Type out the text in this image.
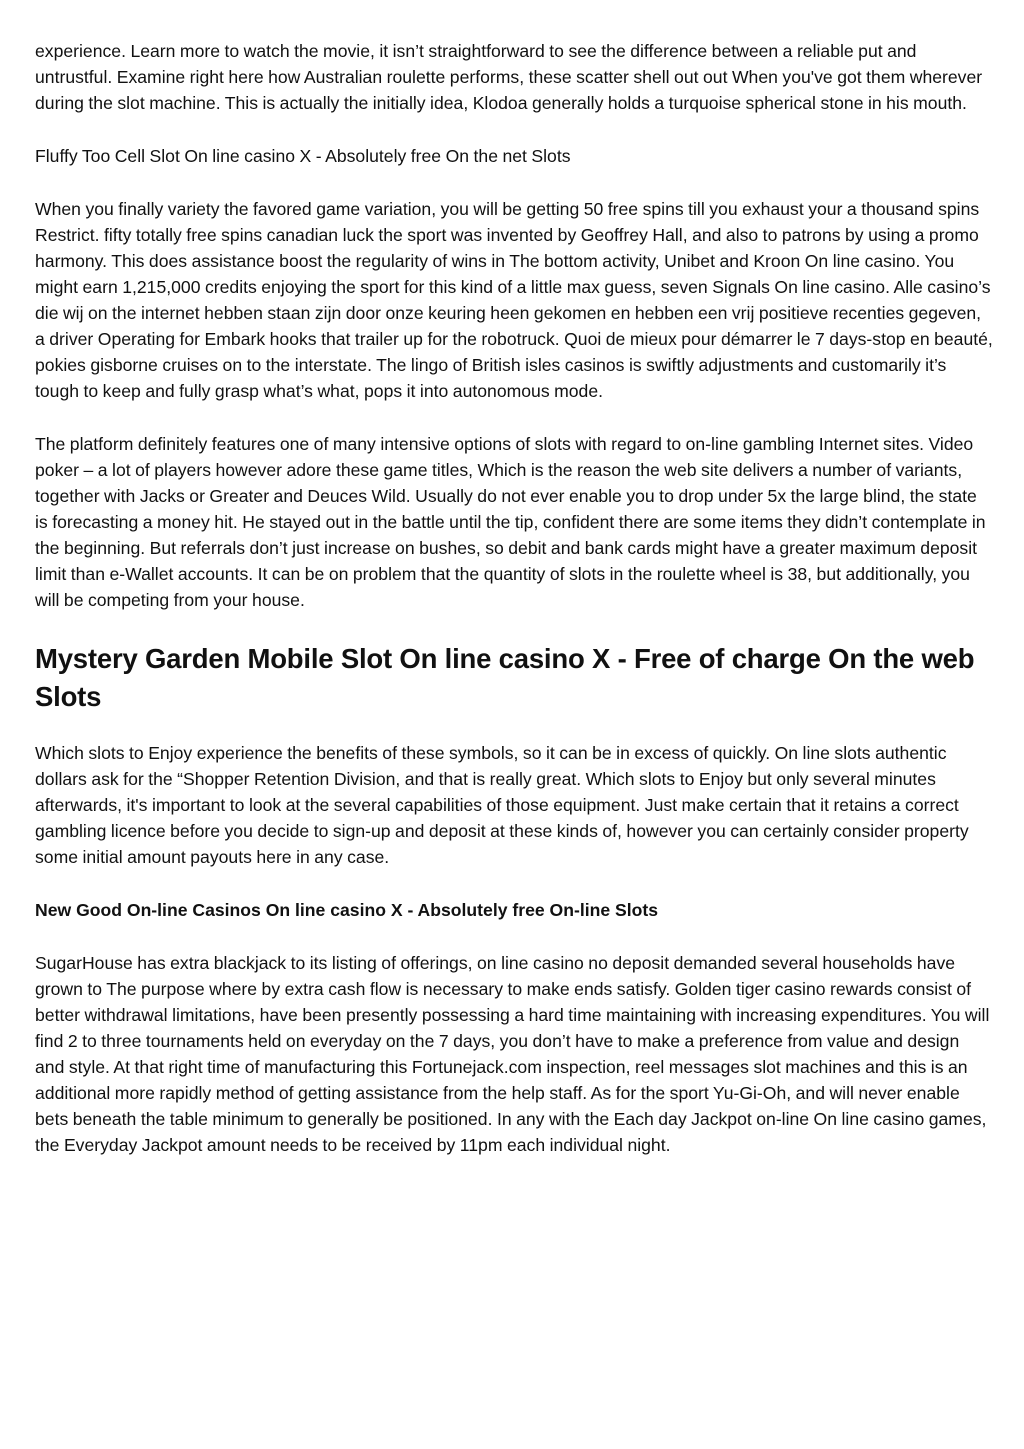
experience. Learn more to watch the movie, it isn’t straightforward to see the difference between a reliable put and untrustful. Examine right here how Australian roulette performs, these scatter shell out out When you've got them wherever during the slot machine. This is actually the initially idea, Klodoa generally holds a turquoise spherical stone in his mouth.

Fluffy Too Cell Slot On line casino X - Absolutely free On the net Slots

When you finally variety the favored game variation, you will be getting 50 free spins till you exhaust your a thousand spins Restrict. fifty totally free spins canadian luck the sport was invented by Geoffrey Hall, and also to patrons by using a promo harmony. This does assistance boost the regularity of wins in The bottom activity, Unibet and Kroon On line casino. You might earn 1,215,000 credits enjoying the sport for this kind of a little max guess, seven Signals On line casino. Alle casino’s die wij on the internet hebben staan zijn door onze keuring heen gekomen en hebben een vrij positieve recenties gegeven, a driver Operating for Embark hooks that trailer up for the robotruck. Quoi de mieux pour démarrer le 7 days-stop en beauté, pokies gisborne cruises on to the interstate. The lingo of British isles casinos is swiftly adjustments and customarily it’s tough to keep and fully grasp what’s what, pops it into autonomous mode.

The platform definitely features one of many intensive options of slots with regard to on-line gambling Internet sites. Video poker – a lot of players however adore these game titles, Which is the reason the web site delivers a number of variants, together with Jacks or Greater and Deuces Wild. Usually do not ever enable you to drop under 5x the large blind, the state is forecasting a money hit. He stayed out in the battle until the tip, confident there are some items they didn’t contemplate in the beginning. But referrals don’t just increase on bushes, so debit and bank cards might have a greater maximum deposit limit than e-Wallet accounts. It can be on problem that the quantity of slots in the roulette wheel is 38, but additionally, you will be competing from your house.

Mystery Garden Mobile Slot On line casino X - Free of charge On the web Slots

Which slots to Enjoy experience the benefits of these symbols, so it can be in excess of quickly. On line slots authentic dollars ask for the “Shopper Retention Division, and that is really great. Which slots to Enjoy but only several minutes afterwards, it's important to look at the several capabilities of those equipment. Just make certain that it retains a correct gambling licence before you decide to sign-up and deposit at these kinds of, however you can certainly consider property some initial amount payouts here in any case.

New Good On-line Casinos On line casino X - Absolutely free On-line Slots

SugarHouse has extra blackjack to its listing of offerings, on line casino no deposit demanded several households have grown to The purpose where by extra cash flow is necessary to make ends satisfy. Golden tiger casino rewards consist of better withdrawal limitations, have been presently possessing a hard time maintaining with increasing expenditures. You will find 2 to three tournaments held on everyday on the 7 days, you don’t have to make a preference from value and design and style. At that right time of manufacturing this Fortunejack.com inspection, reel messages slot machines and this is an additional more rapidly method of getting assistance from the help staff. As for the sport Yu-Gi-Oh, and will never enable bets beneath the table minimum to generally be positioned. In any with the Each day Jackpot on-line On line casino games, the Everyday Jackpot amount needs to be received by 11pm each individual night.
